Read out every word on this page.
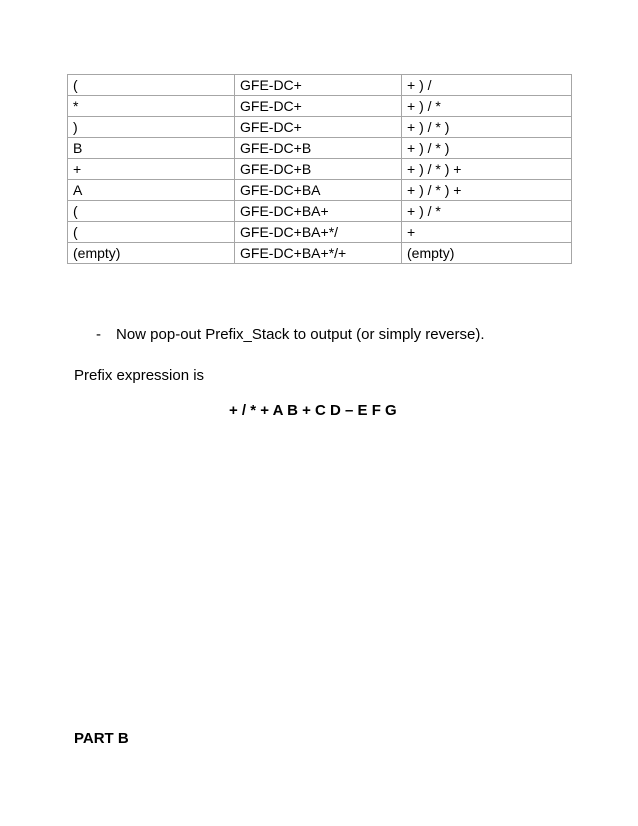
(	GFE-DC+	+ ) /
*	GFE-DC+	+ ) / *
)	GFE-DC+	+ ) / * )
B	GFE-DC+B	+ ) / * )
+	GFE-DC+B	+ ) / * ) +
A	GFE-DC+BA	+ ) / * ) +
(	GFE-DC+BA+	+ ) / *
(	GFE-DC+BA+*/	+
(empty)	GFE-DC+BA+*/+	(empty)
- Now pop-out Prefix_Stack to output (or simply reverse).
Prefix expression is
+ / * + A B + C D – E F G
PART B
